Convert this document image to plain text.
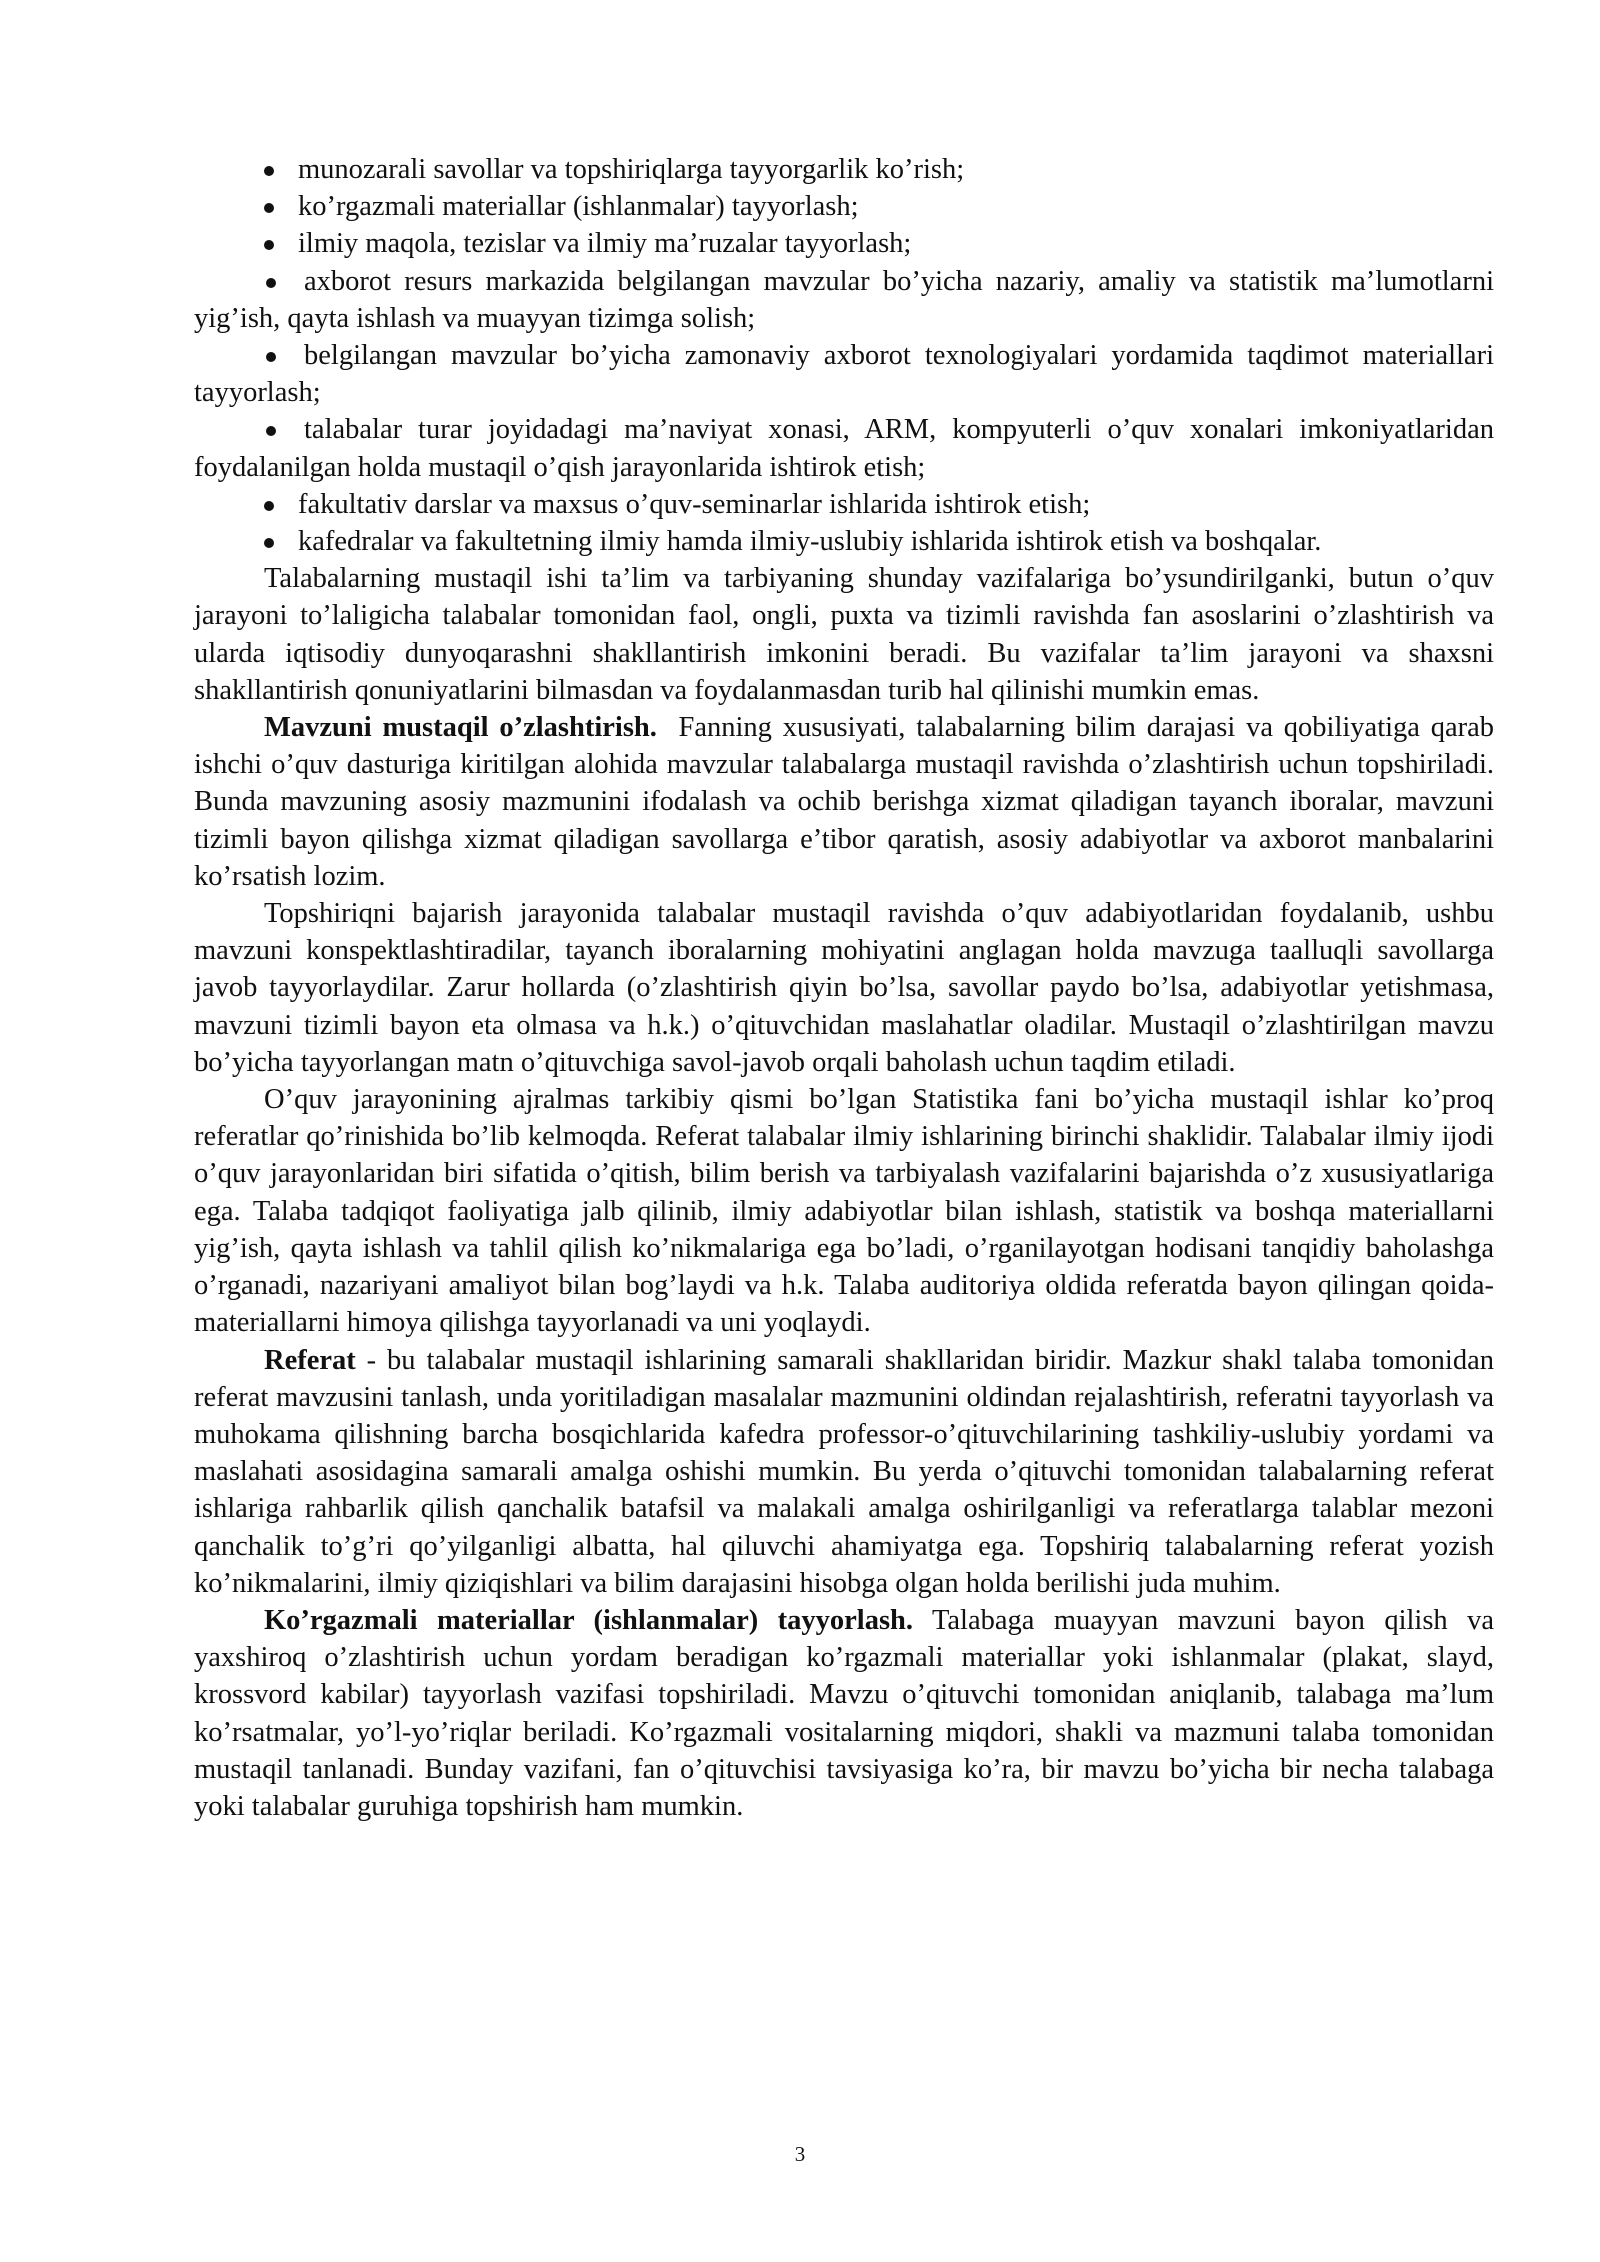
munozarali savollar va topshiriqlarga tayyorgarlik ko’rish;
ko’rgazmali materiallar (ishlanmalar) tayyorlash;
ilmiy maqola, tezislar va ilmiy ma’ruzalar tayyorlash;
axborot resurs markazida belgilangan mavzular bo’yicha nazariy, amaliy va statistik ma’lumotlarni yig’ish, qayta ishlash va muayyan tizimga solish;
belgilangan mavzular bo’yicha zamonaviy axborot texnologiyalari yordamida taqdimot materiallari tayyorlash;
talabalar turar joyidadagi ma’naviyat xonasi, ARM, kompyuterli o’quv xonalari imkoniyatlaridan foydalanilgan holda mustaqil o’qish jarayonlarida ishtirok etish;
fakultativ darslar va maxsus o’quv-seminarlar ishlarida ishtirok etish;
kafedralar va fakultetning ilmiy hamda ilmiy-uslubiy ishlarida ishtirok etish va boshqalar.

Talabalarning mustaqil ishi ta’lim va tarbiyaning shunday vazifalariga bo’ysundirilganki, butun o’quv jarayoni to’laligicha talabalar tomonidan faol, ongli, puxta va tizimli ravishda fan asoslarini o’zlashtirish va ularda iqtisodiy dunyoqarashni shakllantirish imkonini beradi. Bu vazifalar ta’lim jarayoni va shaxsni shakllantirish qonuniyatlarini bilmasdan va foydalanmasdan turib hal qilinishi mumkin emas.

Mavzuni mustaqil o’zlashtirish. Fanning xususiyati, talabalarning bilim darajasi va qobiliyatiga qarab ishchi o’quv dasturiga kiritilgan alohida mavzular talabalarga mustaqil ravishda o’zlashtirish uchun topshiriladi. Bunda mavzuning asosiy mazmunini ifodalash va ochib berishga xizmat qiladigan tayanch iboralar, mavzuni tizimli bayon qilishga xizmat qiladigan savollarga e’tibor qaratish, asosiy adabiyotlar va axborot manbalarini ko’rsatish lozim.

Topshiriqni bajarish jarayonida talabalar mustaqil ravishda o’quv adabiyotlaridan foydalanib, ushbu mavzuni konspektlashtiradilar, tayanch iboralarning mohiyatini anglagan holda mavzuga taalluqli savollarga javob tayyorlaydilar. Zarur hollarda (o’zlashtirish qiyin bo’lsa, savollar paydo bo’lsa, adabiyotlar yetishmasa, mavzuni tizimli bayon eta olmasa va h.k.) o’qituvchidan maslahatlar oladilar. Mustaqil o’zlashtirilgan mavzu bo’yicha tayyorlangan matn o’qituvchiga savol-javob orqali baholash uchun taqdim etiladi.

O’quv jarayonining ajralmas tarkibiy qismi bo’lgan Statistika fani bo’yicha mustaqil ishlar ko’proq referatlar qo’rinishida bo’lib kelmoqda. Referat talabalar ilmiy ishlarining birinchi shaklidir. Talabalar ilmiy ijodi o’quv jarayonlaridan biri sifatida o’qitish, bilim berish va tarbiyalash vazifalarini bajarishda o’z xususiyatlariga ega. Talaba tadqiqot faoliyatiga jalb qilinib, ilmiy adabiyotlar bilan ishlash, statistik va boshqa materiallarni yig’ish, qayta ishlash va tahlil qilish ko’nikmalariga ega bo’ladi, o’rganilayotgan hodisani tanqidiy baholashga o’rganadi, nazariyani amaliyot bilan bog’laydi va h.k. Talaba auditoriya oldida referatda bayon qilingan qoida-materiallarni himoya qilishga tayyorlanadi va uni yoqlaydi.

Referat - bu talabalar mustaqil ishlarining samarali shakllaridan biridir. Mazkur shakl talaba tomonidan referat mavzusini tanlash, unda yoritiladigan masalalar mazmunini oldindan rejalashtirish, referatni tayyorlash va muhokama qilishning barcha bosqichlarida kafedra professor-o’qituvchilarining tashkiliy-uslubiy yordami va maslahati asosidagina samarali amalga oshishi mumkin. Bu yerda o’qituvchi tomonidan talabalarning referat ishlariga rahbarlik qilish qanchalik batafsil va malakali amalga oshirilganligi va referatlarga talablar mezoni qanchalik to’g’ri qo’yilganligi albatta, hal qiluvchi ahamiyatga ega. Topshiriq talabalarning referat yozish ko’nikmalarini, ilmiy qiziqishlari va bilim darajasini hisobga olgan holda berilishi juda muhim.

Ko’rgazmali materiallar (ishlanmalar) tayyorlash. Talabaga muayyan mavzuni bayon qilish va yaxshiroq o’zlashtirish uchun yordam beradigan ko’rgazmali materiallar yoki ishlanmalar (plakat, slayd, krossvord kabilar) tayyorlash vazifasi topshiriladi. Mavzu o’qituvchi tomonidan aniqlanib, talabaga ma’lum ko’rsatmalar, yo’l-yo’riqlar beriladi. Ko’rgazmali vositalarning miqdori, shakli va mazmuni talaba tomonidan mustaqil tanlanadi. Bunday vazifani, fan o’qituvchisi tavsiyasiga ko’ra, bir mavzu bo’yicha bir necha talabaga yoki talabalar guruhiga topshirish ham mumkin.

3
